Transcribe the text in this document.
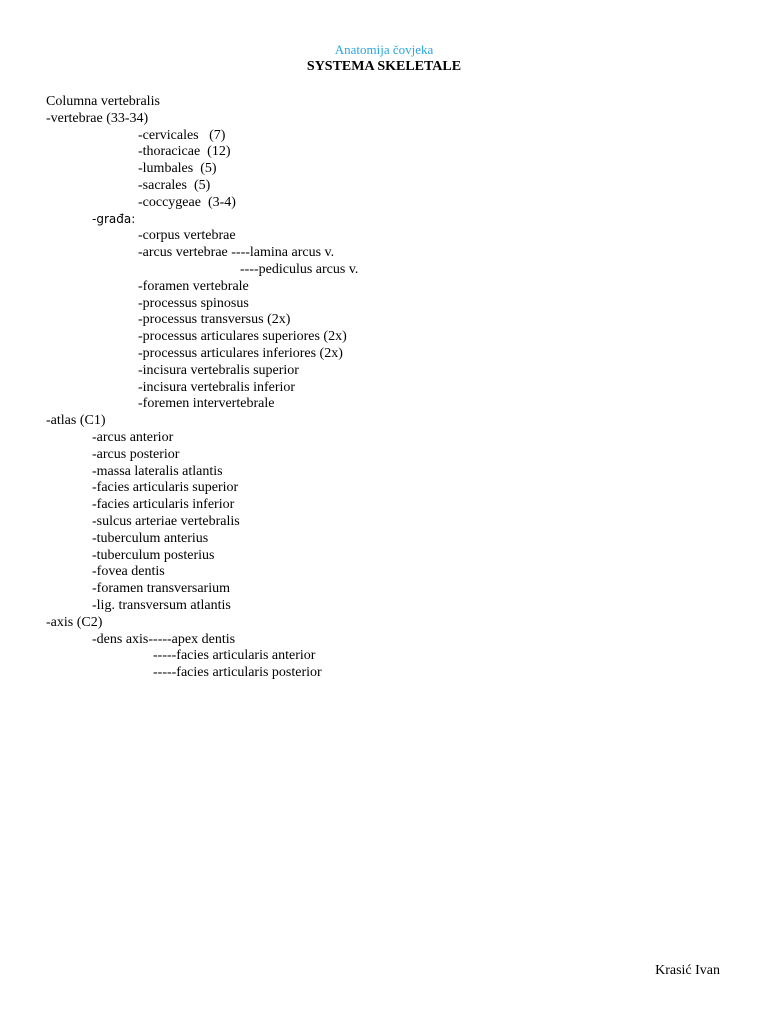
Anatomija čovjeka
SYSTEMA SKELETALE
Columna vertebralis
-vertebrae (33-34)
-cervicales   (7)
-thoracicae  (12)
-lumbales  (5)
-sacrales  (5)
-coccygeae  (3-4)
-građa:
-corpus vertebrae
-arcus vertebrae ----lamina arcus v.
----pediculus arcus v.
-foramen vertebrale
-processus spinosus
-processus transversus (2x)
-processus articulares superiores (2x)
-processus articulares inferiores (2x)
-incisura vertebralis superior
-incisura vertebralis inferior
-foremen intervertebrale
-atlas (C1)
-arcus anterior
-arcus posterior
-massa lateralis atlantis
-facies articularis superior
-facies articularis inferior
-sulcus arteriae vertebralis
-tuberculum anterius
-tuberculum posterius
-fovea dentis
-foramen transversarium
-lig. transversum atlantis
-axis (C2)
-dens axis-----apex dentis
-----facies articularis anterior
-----facies articularis posterior
Krasić Ivan
